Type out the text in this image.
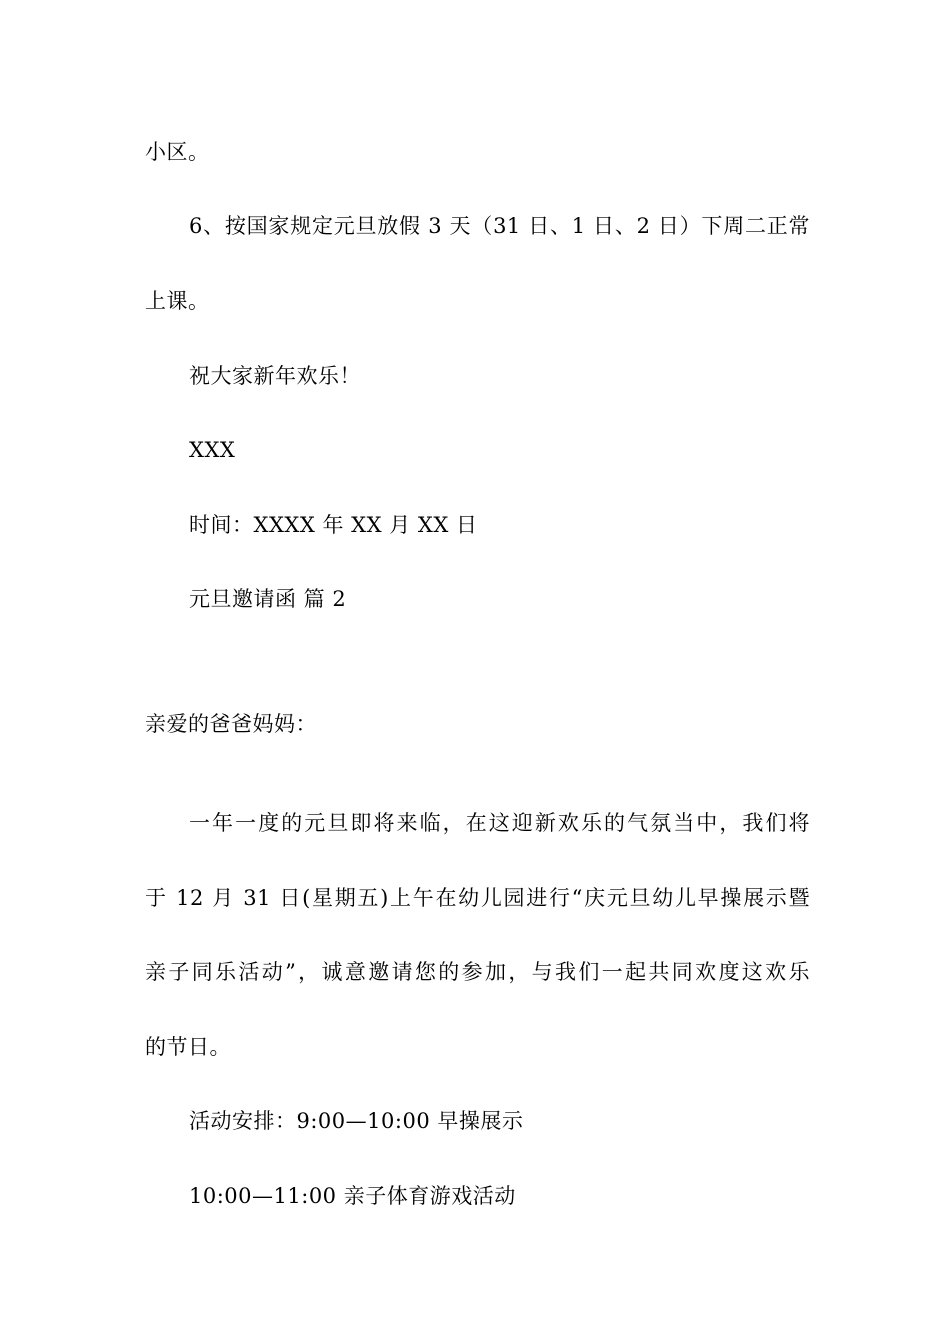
小区。
6、按国家规定元旦放假 3 天（31 日、1 日、2 日）下周二正常
上课。
祝大家新年欢乐！
XXX
时间：XXXX 年 XX 月 XX 日
元旦邀请函 篇 2
亲爱的爸爸妈妈：
一年一度的元旦即将来临，在这迎新欢乐的气氛当中，我们将
于 12 月 31 日(星期五)上午在幼儿园进行“庆元旦幼儿早操展示暨
亲子同乐活动”，诚意邀请您的参加，与我们一起共同欢度这欢乐
的节日。
活动安排：9:00—10:00 早操展示
10:00—11:00 亲子体育游戏活动
